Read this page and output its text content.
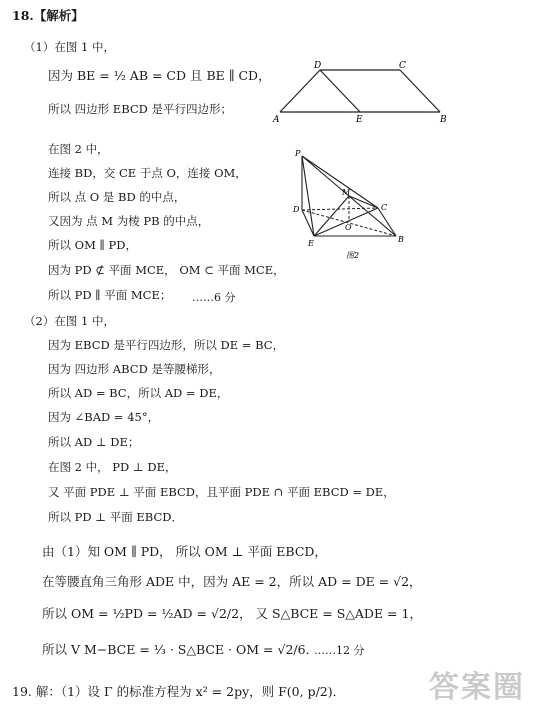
18.【解析】
（1）在图 1 中，
因为 BE = ½ AB = CD 且 BE ∥ CD，
所以 四边形 EBCD 是平行四边形；
在图 2 中，
连接 BD，交 CE 于点 O，连接 OM，
所以 点 O 是 BD 的中点，
又因为 点 M 为棱 PB 的中点，
所以 OM ∥ PD，
因为 PD ⊄ 平面 MCE， OM ⊂ 平面 MCE，
所以 PD ∥ 平面 MCE； ……6 分
D	C
A	E	B
P
M
D	C
O
E	B
图2
（2）在图 1 中，
因为 EBCD 是平行四边形，所以 DE = BC，
因为 四边形 ABCD 是等腰梯形，
所以 AD = BC，所以 AD = DE，
因为 ∠BAD = 45°，
所以 AD ⊥ DE；
在图 2 中， PD ⊥ DE，
又 平面 PDE ⊥ 平面 EBCD，且平面 PDE ∩ 平面 EBCD = DE，
所以 PD ⊥ 平面 EBCD．
由（1）知 OM ∥ PD， 所以 OM ⊥ 平面 EBCD，
在等腰直角三角形 ADE 中，因为 AE = 2，所以 AD = DE = √2，
所以 OM = ½PD = ½AD = √2/2， 又 S△BCE = S△ADE = 1，
所以 V M−BCE = ⅓ · S△BCE · OM = √2/6．
……12 分
19. 解：（1）设 Γ 的标准方程为 x² = 2py，则 F(0, p/2)．	答案圈
